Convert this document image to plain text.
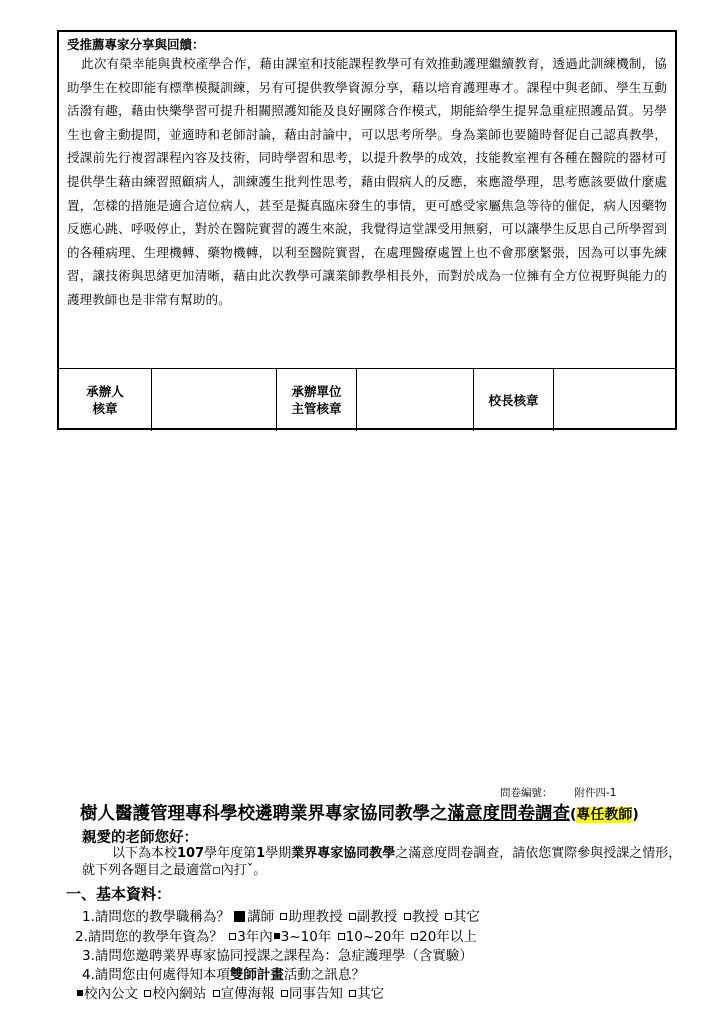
受推薦專家分享與回饋：
此次有榮幸能與貴校產學合作，藉由課室和技能課程教學可有效推動護理繼續教育，透過此訓練機制，協助學生在校即能有標準模擬訓練，另有可提供教學資源分享，藉以培育護理專才。課程中與老師、學生互動活潑有趣，藉由快樂學習可提升相關照護知能及良好團隊合作模式，期能給學生提昇急重症照護品質。另學生也會主動提問，並適時和老師討論，藉由討論中，可以思考所學。身為業師也要隨時督促自己認真教學，授課前先行複習課程內容及技術，同時學習和思考，以提升教學的成效，技能教室裡有各種在醫院的器材可提供學生藉由練習照顧病人，訓練護生批判性思考，藉由假病人的反應，來應證學理，思考應該要做什麼處置，怎樣的措施是適合這位病人，甚至是擬真臨床發生的事情，更可感受家屬焦急等待的催促，病人因藥物反應心跳、呼吸停止，對於在醫院實習的護生來說，我覺得這堂課受用無窮，可以讓學生反思自己所學習到的各種病理、生理機轉、藥物機轉，以利至醫院實習，在處理醫療處置上也不會那麼緊張，因為可以事先練習，讓技術與思緒更加清晰，藉由此次教學可讓業師教學相長外，而對於成為一位擁有全方位視野與能力的護理教師也是非常有幫助的。
承辦人
核章
承辦單位
主管核章
校長核章
問卷編號： 附件四-1
樹人醫護管理專科學校遴聘業界專家協同教學之滿意度問卷調查(專任教師)
親愛的老師您好：
以下為本校107學年度第1學期業界專家協同教學之滿意度問卷調查，請依您實際參與授課之情形，就下列各題目之最適當▫內打ˇ。
一、基本資料：
1.請問您的教學職稱為？ 講師 助理教授 副教授 教授 其它
2.請問您的教學年資為？ 3年內 3~10年 10~20年 20年以上
3.請問您邀聘業界專家協同授課之課程為：急症護理學（含實驗）
4.請問您由何處得知本項雙師計畫活動之訊息？
校內公文 校內網站 宣傳海報 同事告知 其它
